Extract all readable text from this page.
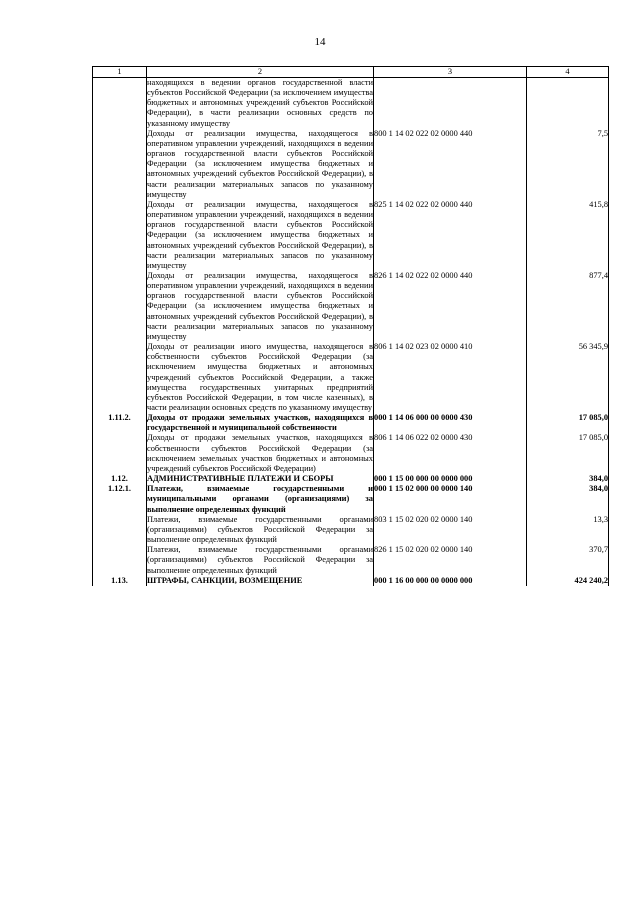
14
1	2	3	4
	находящихся в ведении органов государственной власти субъектов Российской Федерации (за исключением имущества бюджетных и автономных учреждений субъектов Российской Федерации), в части реализации основных средств по указанному имуществу		
	Доходы от реализации имущества, находящегося в оперативном управлении учреждений, находящихся в ведении органов государственной власти субъектов Российской Федерации (за исключением имущества бюджетных и автономных учреждений субъектов Российской Федерации), в части реализации материальных запасов по указанному имуществу	800 1 14 02 022 02 0000 440	7,5
	Доходы от реализации имущества, находящегося в оперативном управлении учреждений, находящихся в ведении органов государственной власти субъектов Российской Федерации (за исключением имущества бюджетных и автономных учреждений субъектов Российской Федерации), в части реализации материальных запасов по указанному имуществу	825 1 14 02 022 02 0000 440	415,8
	Доходы от реализации имущества, находящегося в оперативном управлении учреждений, находящихся в ведении органов государственной власти субъектов Российской Федерации (за исключением имущества бюджетных и автономных учреждений субъектов Российской Федерации), в части реализации материальных запасов по указанному имуществу	826 1 14 02 022 02 0000 440	877,4
	Доходы от реализации иного имущества, находящегося в собственности субъектов Российской Федерации (за исключением имущества бюджетных и автономных учреждений субъектов Российской Федерации, а также имущества государственных унитарных предприятий субъектов Российской Федерации, в том числе казенных), в части реализации основных средств по указанному имуществу	806 1 14 02 023 02 0000 410	56 345,9
1.11.2.	Доходы от продажи земельных участков, находящихся в государственной и муниципальной собственности	000 1 14 06 000 00 0000 430	17 085,0
	Доходы от продажи земельных участков, находящихся в собственности субъектов Российской Федерации (за исключением земельных участков бюджетных и автономных учреждений субъектов Российской Федерации)	806 1 14 06 022 02 0000 430	17 085,0
1.12.	АДМИНИСТРАТИВНЫЕ ПЛАТЕЖИ И СБОРЫ	000 1 15 00 000 00 0000 000	384,0
1.12.1.	Платежи, взимаемые государственными и муниципальными органами (организациями) за выполнение определенных функций	000 1 15 02 000 00 0000 140	384,0
	Платежи, взимаемые государственными органами (организациями) субъектов Российской Федерации за выполнение определенных функций	803 1 15 02 020 02 0000 140	13,3
	Платежи, взимаемые государственными органами (организациями) субъектов Российской Федерации за выполнение определенных функций	826 1 15 02 020 02 0000 140	370,7
1.13.	ШТРАФЫ, САНКЦИИ, ВОЗМЕЩЕНИЕ	000 1 16 00 000 00 0000 000	424 240,2
